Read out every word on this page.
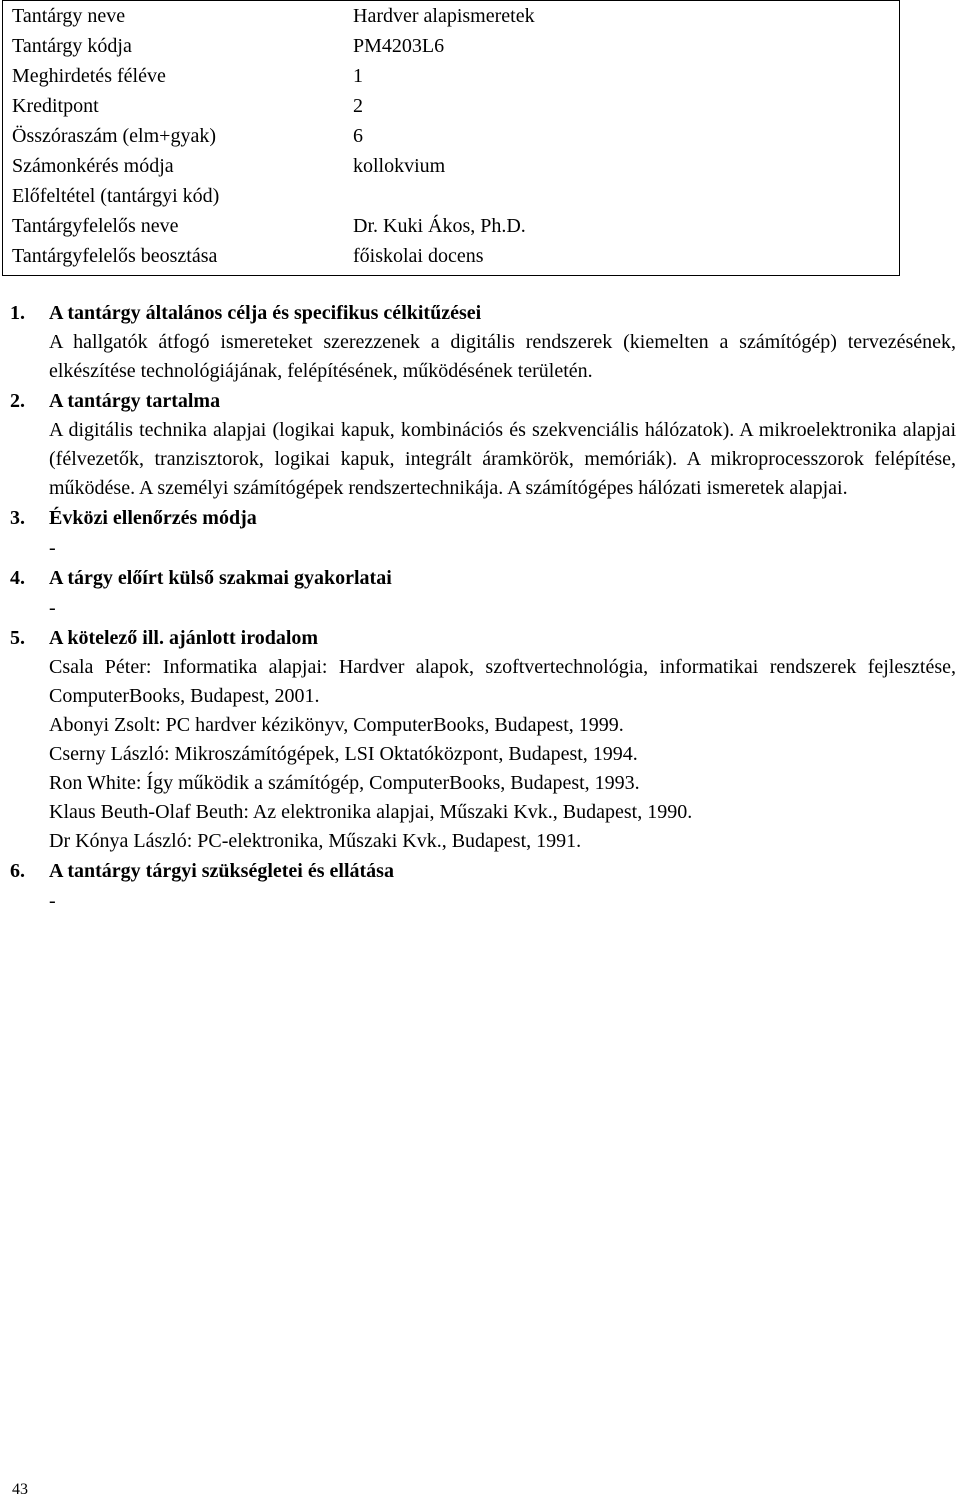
Tantárgy neve	Hardver alapismeretek
Tantárgy kódja	PM4203L6
Meghirdetés féléve	1
Kreditpont	2
Összóraszám (elm+gyak)	6
Számonkérés módja	kollokvium
Előfeltétel (tantárgyi kód)
Tantárgyfelelős neve	Dr. Kuki Ákos, Ph.D.
Tantárgyfelelős beosztása	főiskolai docens
1.	A tantárgy általános célja és specifikus célkitűzései
A hallgatók átfogó ismereteket szerezzenek a digitális rendszerek (kiemelten a számítógép) tervezésének, elkészítése technológiájának, felépítésének, működésének területén.
2.	A tantárgy tartalma
A digitális technika alapjai (logikai kapuk, kombinációs és szekvenciális hálózatok). A mikroelektronika alapjai (félvezetők, tranzisztorok, logikai kapuk, integrált áramkörök, memóriák). A mikroprocesszorok felépítése, működése. A személyi számítógépek rendszertechnikája. A számítógépes hálózati ismeretek alapjai.
3.	Évközi ellenőrzés módja
-
4.	A tárgy előírt külső szakmai gyakorlatai
-
5.	A kötelező ill. ajánlott irodalom
Csala Péter: Informatika alapjai: Hardver alapok, szoftvertechnológia, informatikai rendszerek fejlesztése, ComputerBooks, Budapest, 2001.
Abonyi Zsolt: PC hardver kézikönyv, ComputerBooks, Budapest, 1999.
Cserny László: Mikroszámítógépek, LSI Oktatóközpont, Budapest, 1994.
Ron White: Így működik a számítógép, ComputerBooks, Budapest, 1993.
Klaus Beuth-Olaf Beuth: Az elektronika alapjai, Műszaki Kvk., Budapest, 1990.
Dr Kónya László: PC-elektronika, Műszaki Kvk., Budapest, 1991.
6.	A tantárgy tárgyi szükségletei és ellátása
-
43
